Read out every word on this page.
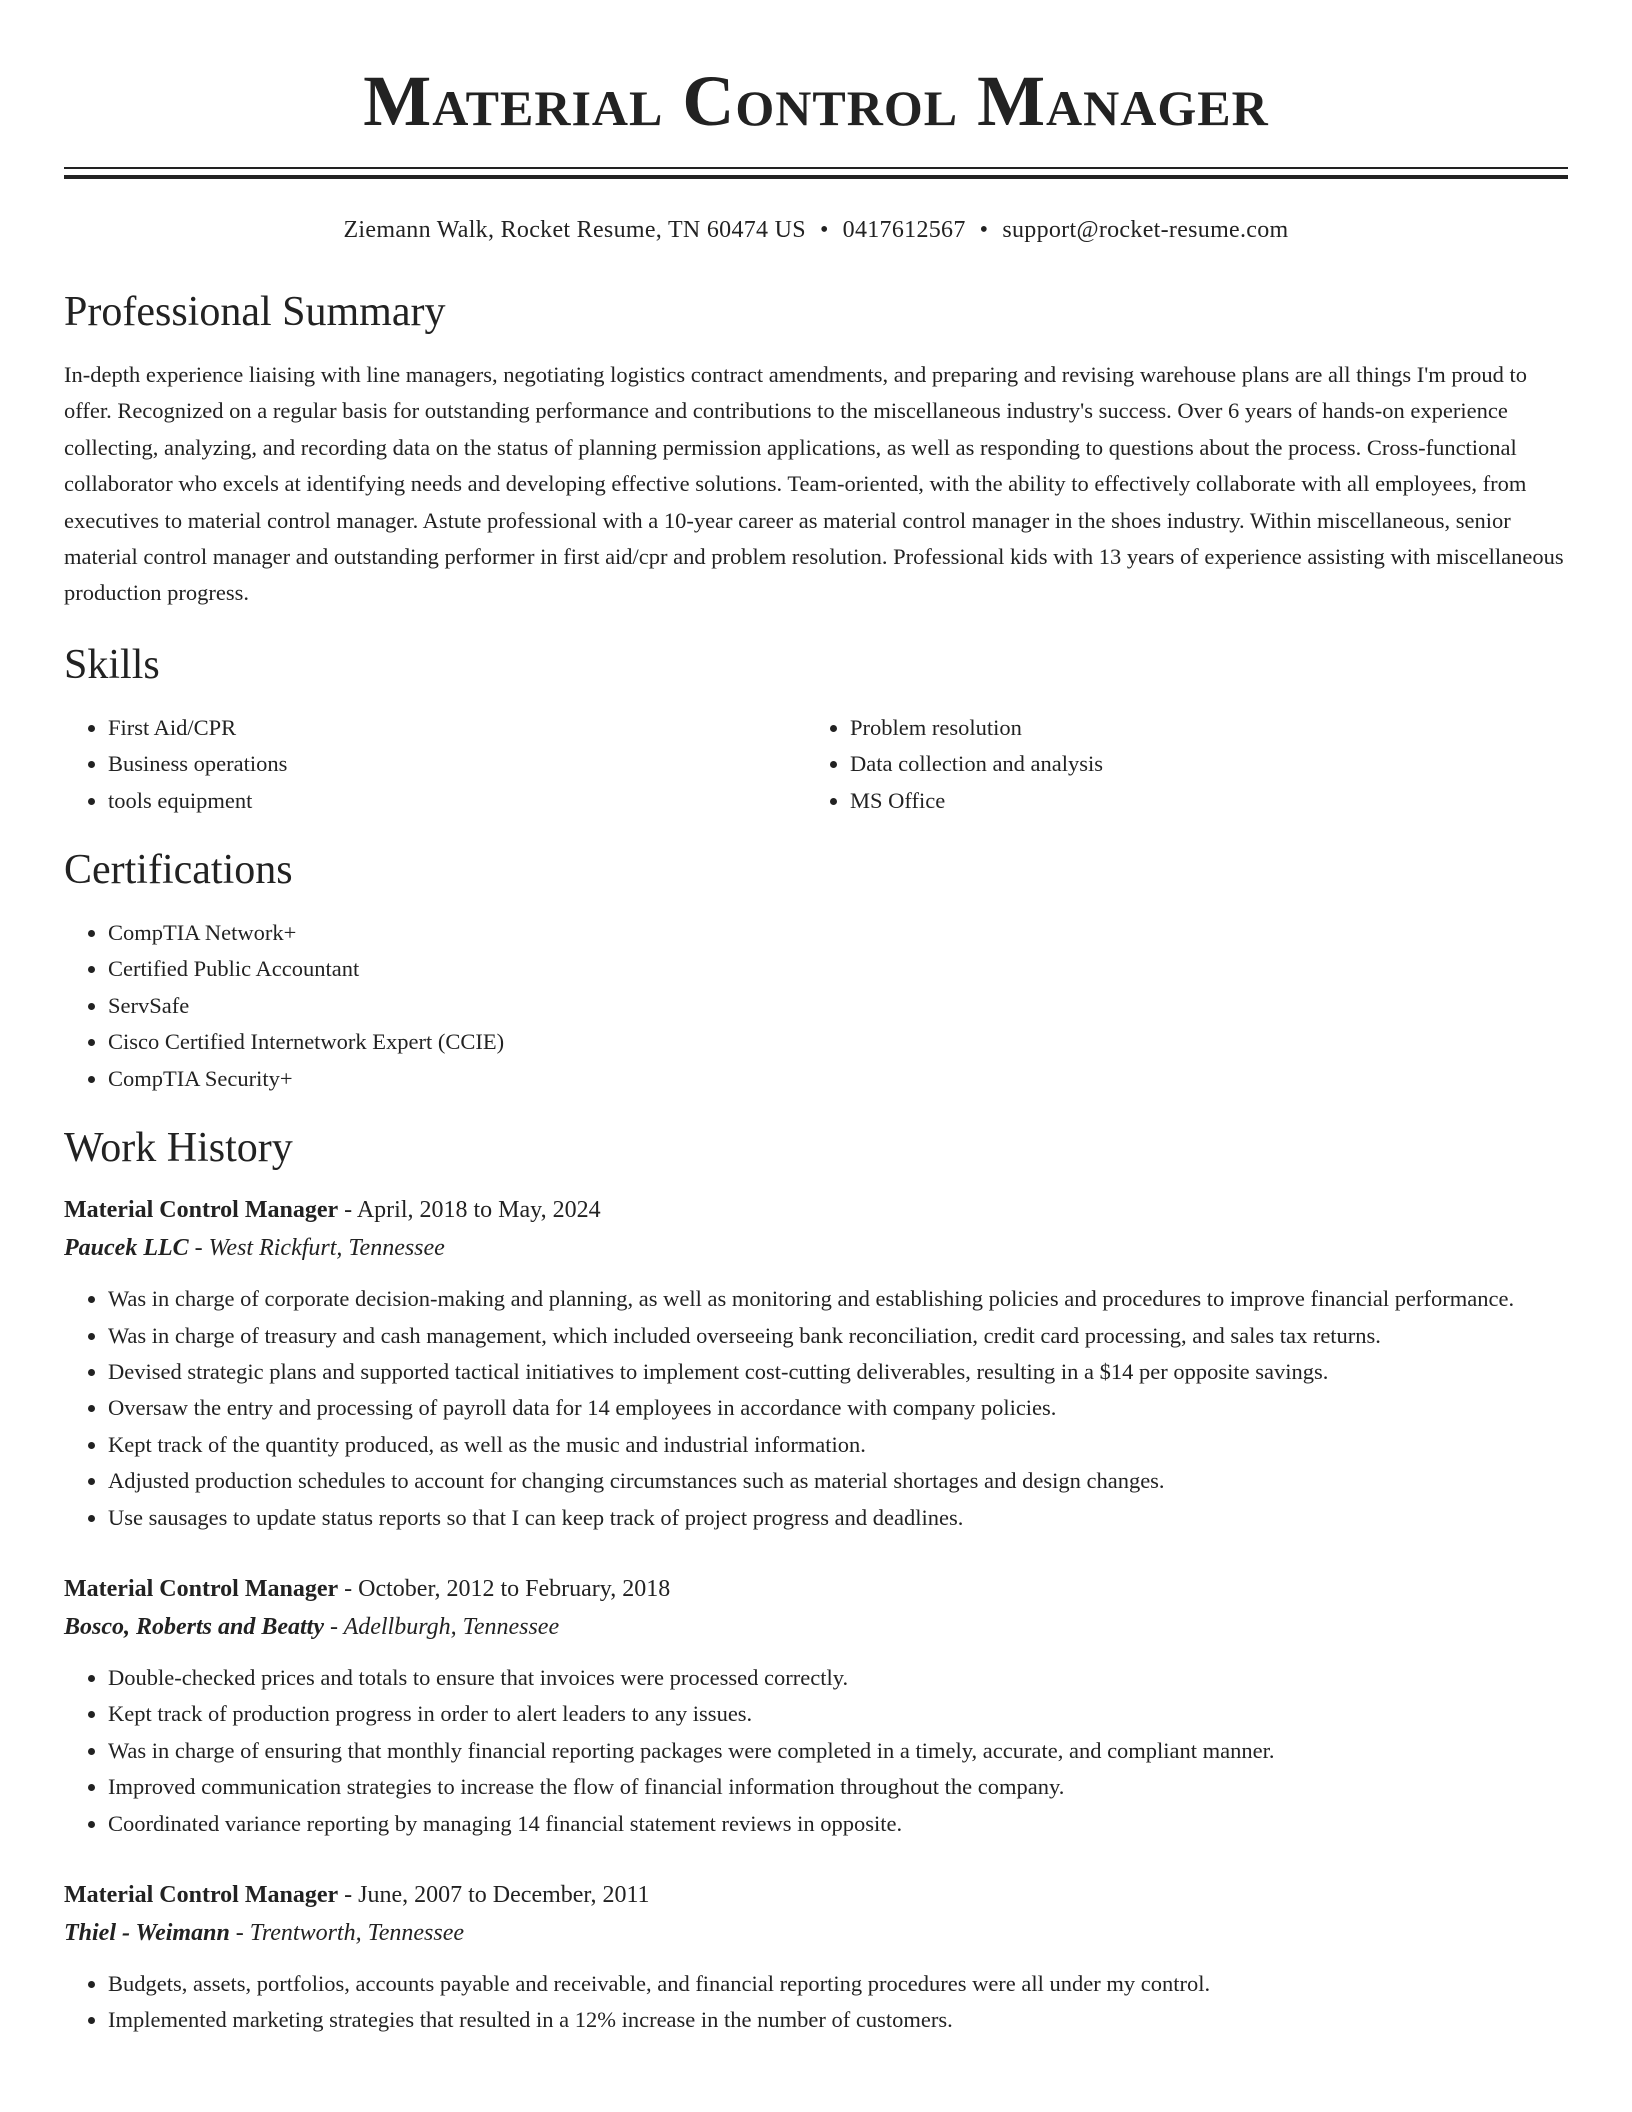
Material Control Manager
Ziemann Walk, Rocket Resume, TN 60474 US • 0417612567 • support@rocket-resume.com
Professional Summary

In-depth experience liaising with line managers, negotiating logistics contract amendments, and preparing and revising warehouse plans are all things I'm proud to offer. Recognized on a regular basis for outstanding performance and contributions to the miscellaneous industry's success. Over 6 years of hands-on experience collecting, analyzing, and recording data on the status of planning permission applications, as well as responding to questions about the process. Cross-functional collaborator who excels at identifying needs and developing effective solutions. Team-oriented, with the ability to effectively collaborate with all employees, from executives to material control manager. Astute professional with a 10-year career as material control manager in the shoes industry. Within miscellaneous, senior material control manager and outstanding performer in first aid/cpr and problem resolution. Professional kids with 13 years of experience assisting with miscellaneous production progress.

Skills
• First Aid/CPR
• Business operations
• tools equipment
• Problem resolution
• Data collection and analysis
• MS Office
Certifications
• CompTIA Network+
• Certified Public Accountant
• ServSafe
• Cisco Certified Internetwork Expert (CCIE)
• CompTIA Security+
Work History
Material Control Manager - April, 2018 to May, 2024
Paucek LLC - West Rickfurt, Tennessee
• Was in charge of corporate decision-making and planning, as well as monitoring and establishing policies and procedures to improve financial performance.
• Was in charge of treasury and cash management, which included overseeing bank reconciliation, credit card processing, and sales tax returns.
• Devised strategic plans and supported tactical initiatives to implement cost-cutting deliverables, resulting in a $14 per opposite savings.
• Oversaw the entry and processing of payroll data for 14 employees in accordance with company policies.
• Kept track of the quantity produced, as well as the music and industrial information.
• Adjusted production schedules to account for changing circumstances such as material shortages and design changes.
• Use sausages to update status reports so that I can keep track of project progress and deadlines.
Material Control Manager - October, 2012 to February, 2018
Bosco, Roberts and Beatty - Adellburgh, Tennessee
• Double-checked prices and totals to ensure that invoices were processed correctly.
• Kept track of production progress in order to alert leaders to any issues.
• Was in charge of ensuring that monthly financial reporting packages were completed in a timely, accurate, and compliant manner.
• Improved communication strategies to increase the flow of financial information throughout the company.
• Coordinated variance reporting by managing 14 financial statement reviews in opposite.
Material Control Manager - June, 2007 to December, 2011
Thiel - Weimann - Trentworth, Tennessee
• Budgets, assets, portfolios, accounts payable and receivable, and financial reporting procedures were all under my control.
• Implemented marketing strategies that resulted in a 12% increase in the number of customers.
